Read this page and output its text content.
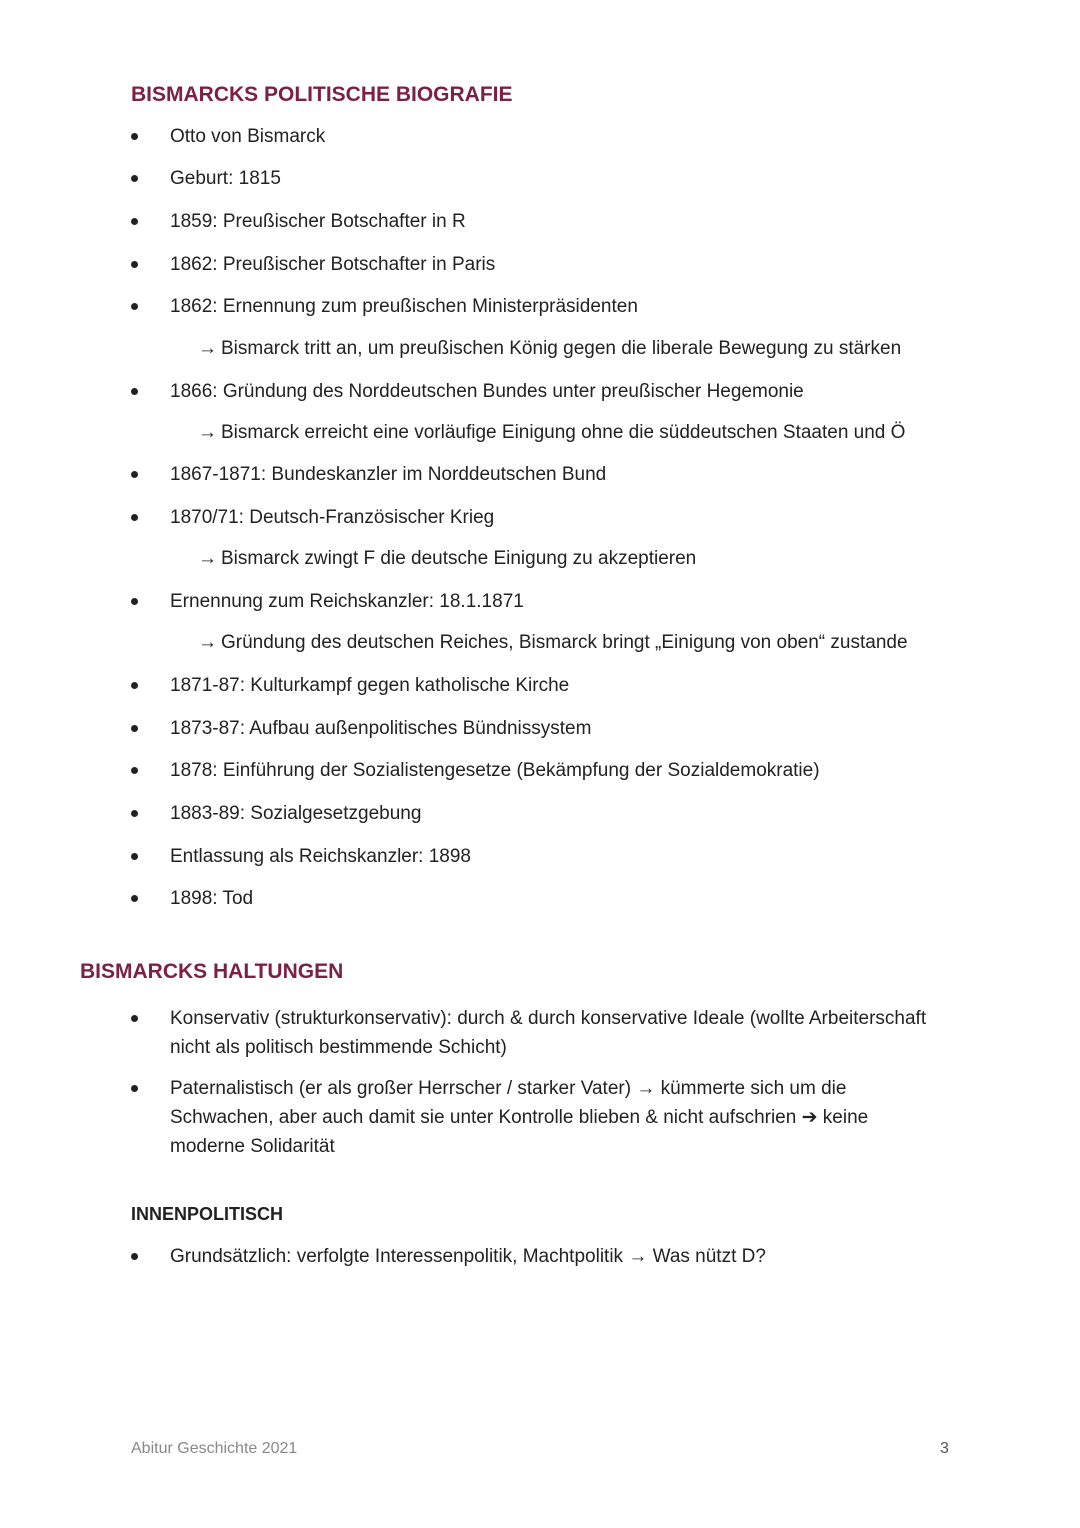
BISMARCKS POLITISCHE BIOGRAFIE
Otto von Bismarck
Geburt: 1815
1859: Preußischer Botschafter in R
1862: Preußischer Botschafter in Paris
1862: Ernennung zum preußischen Ministerpräsidenten
→ Bismarck tritt an, um preußischen König gegen die liberale Bewegung zu stärken
1866: Gründung des Norddeutschen Bundes unter preußischer Hegemonie
→ Bismarck erreicht eine vorläufige Einigung ohne die süddeutschen Staaten und Ö
1867-1871: Bundeskanzler im Norddeutschen Bund
1870/71: Deutsch-Französischer Krieg
→ Bismarck zwingt F die deutsche Einigung zu akzeptieren
Ernennung zum Reichskanzler: 18.1.1871
→ Gründung des deutschen Reiches, Bismarck bringt „Einigung von oben“ zustande
1871-87: Kulturkampf gegen katholische Kirche
1873-87: Aufbau außenpolitisches Bündnissystem
1878: Einführung der Sozialistengesetze (Bekämpfung der Sozialdemokratie)
1883-89: Sozialgesetzgebung
Entlassung als Reichskanzler: 1898
1898: Tod
BISMARCKS HALTUNGEN
Konservativ (strukturkonservativ): durch & durch konservative Ideale (wollte Arbeiterschaft nicht als politisch bestimmende Schicht)
Paternalistisch (er als großer Herrscher / starker Vater) → kümmerte sich um die Schwachen, aber auch damit sie unter Kontrolle blieben & nicht aufschrien ➔ keine moderne Solidarität
INNENPOLITISCH
Grundsätzlich: verfolgte Interessenpolitik, Machtpolitik → Was nützt D?
Abitur Geschichte 2021	3
